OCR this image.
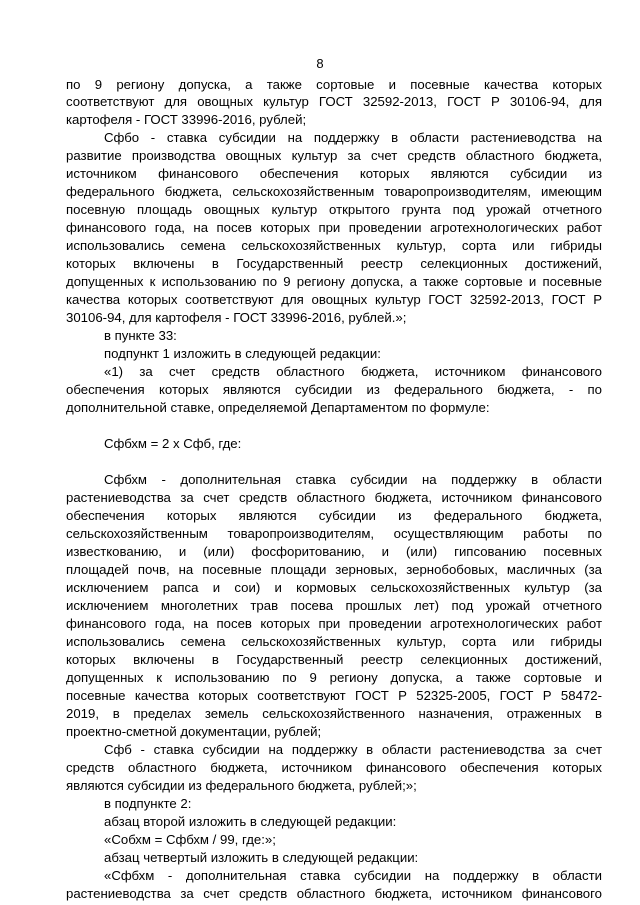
8
по 9 региону допуска, а также сортовые и посевные качества которых
соответствуют для овощных культур ГОСТ 32592-2013, ГОСТ Р 30106-94, для
картофеля - ГОСТ 33996-2016, рублей;
Сфбо - ставка субсидии на поддержку в области растениеводства на
развитие производства овощных культур за счет средств областного бюджета,
источником финансового обеспечения которых являются субсидии из
федерального бюджета, сельскохозяйственным товаропроизводителям, имеющим
посевную площадь овощных культур открытого грунта под урожай отчетного
финансового года, на посев которых при проведении агротехнологических работ
использовались семена сельскохозяйственных культур, сорта или гибриды
которых включены в Государственный реестр селекционных достижений,
допущенных к использованию по 9 региону допуска, а также сортовые и посевные
качества которых соответствуют для овощных культур ГОСТ 32592-2013, ГОСТ Р
30106-94, для картофеля - ГОСТ 33996-2016, рублей.»;
в пункте 33:
подпункт 1 изложить в следующей редакции:
«1) за счет средств областного бюджета, источником финансового
обеспечения которых являются субсидии из федерального бюджета, - по
дополнительной ставке, определяемой Департаментом по формуле:
Сфбхм = 2 х Сфб, где:
Сфбхм - дополнительная ставка субсидии на поддержку в области
растениеводства за счет средств областного бюджета, источником финансового
обеспечения которых являются субсидии из федерального бюджета,
сельскохозяйственным товаропроизводителям, осуществляющим работы по
известкованию, и (или) фосфоритованию, и (или) гипсованию посевных
площадей почв, на посевные площади зерновых, зернобобовых, масличных (за
исключением рапса и сои) и кормовых сельскохозяйственных культур (за
исключением многолетних трав посева прошлых лет) под урожай отчетного
финансового года, на посев которых при проведении агротехнологических работ
использовались семена сельскохозяйственных культур, сорта или гибриды
которых включены в Государственный реестр селекционных достижений,
допущенных к использованию по 9 региону допуска, а также сортовые и
посевные качества которых соответствуют ГОСТ Р 52325-2005, ГОСТ Р 58472-
2019, в пределах земель сельскохозяйственного назначения, отраженных в
проектно-сметной документации, рублей;
Сфб - ставка субсидии на поддержку в области растениеводства за счет
средств областного бюджета, источником финансового обеспечения которых
являются субсидии из федерального бюджета, рублей;»;
в подпункте 2:
абзац второй изложить в следующей редакции:
«Собхм = Сфбхм / 99, где:»;
абзац четвертый изложить в следующей редакции:
«Сфбхм - дополнительная ставка субсидии на поддержку в области
растениеводства за счет средств областного бюджета, источником финансового
